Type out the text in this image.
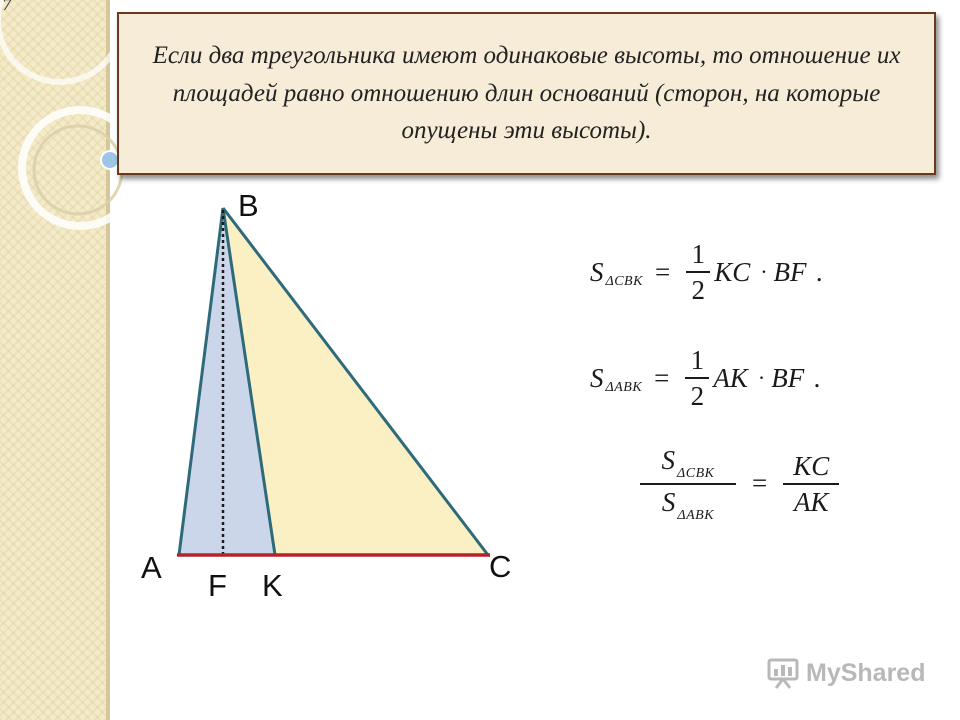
7
Если два треугольника имеют одинаковые высоты, то отношение их площадей равно отношению длин оснований (сторон, на которые опущены эти высоты).
B
A	C
F K
S $\Delta CBK = \frac{1}{2}$ KC · BF .
S $\Delta ABK = \frac{1}{2}$ AK · BF .
$\frac{S _{\Delta CBK}}{S _{\Delta ABK}} = \frac{KC}{AK}$
MyShared
